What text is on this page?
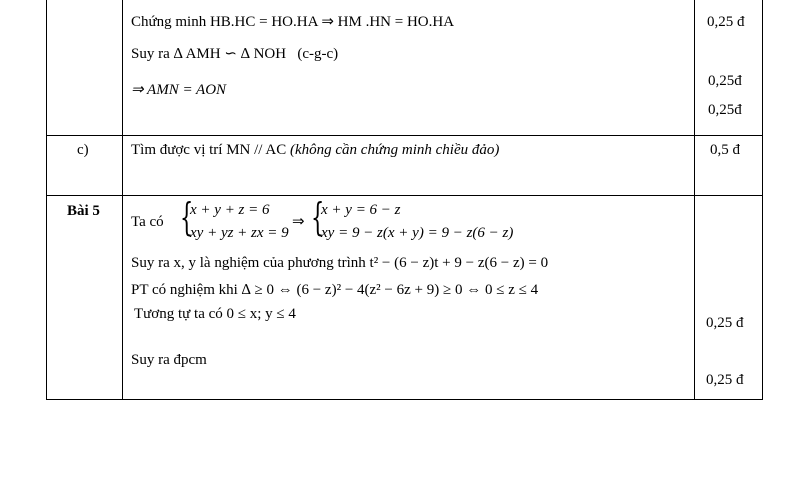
Chứng minh HB.HC = HO.HA ⇒ HM .HN = HO.HA
Suy ra ∆ AMH ∽ ∆ NOH (c-g-c)
⇒ AMN = AON
0,25 đ
0,25đ
0,25đ
c)	Tìm được vị trí MN // AC (không cần chứng minh chiều đảo)	0,5 đ
Bài 5
Ta có {
x + y + z = 6
xy + yz + zx = 9
⇒ {
x + y = 6 − z
xy = 9 − z(x + y) = 9 − z(6 − z)
Suy ra x, y là nghiệm của phương trình t² − (6 − z)t + 9 − z(6 − z) = 0
PT có nghiệm khi ∆ ≥ 0 ⇔ (6 − z)² − 4(z² − 6z + 9) ≥ 0 ⇔ 0 ≤ z ≤ 4
Tương tự ta có 0 ≤ x; y ≤ 4
Suy ra đpcm
0,25 đ
0,25 đ
